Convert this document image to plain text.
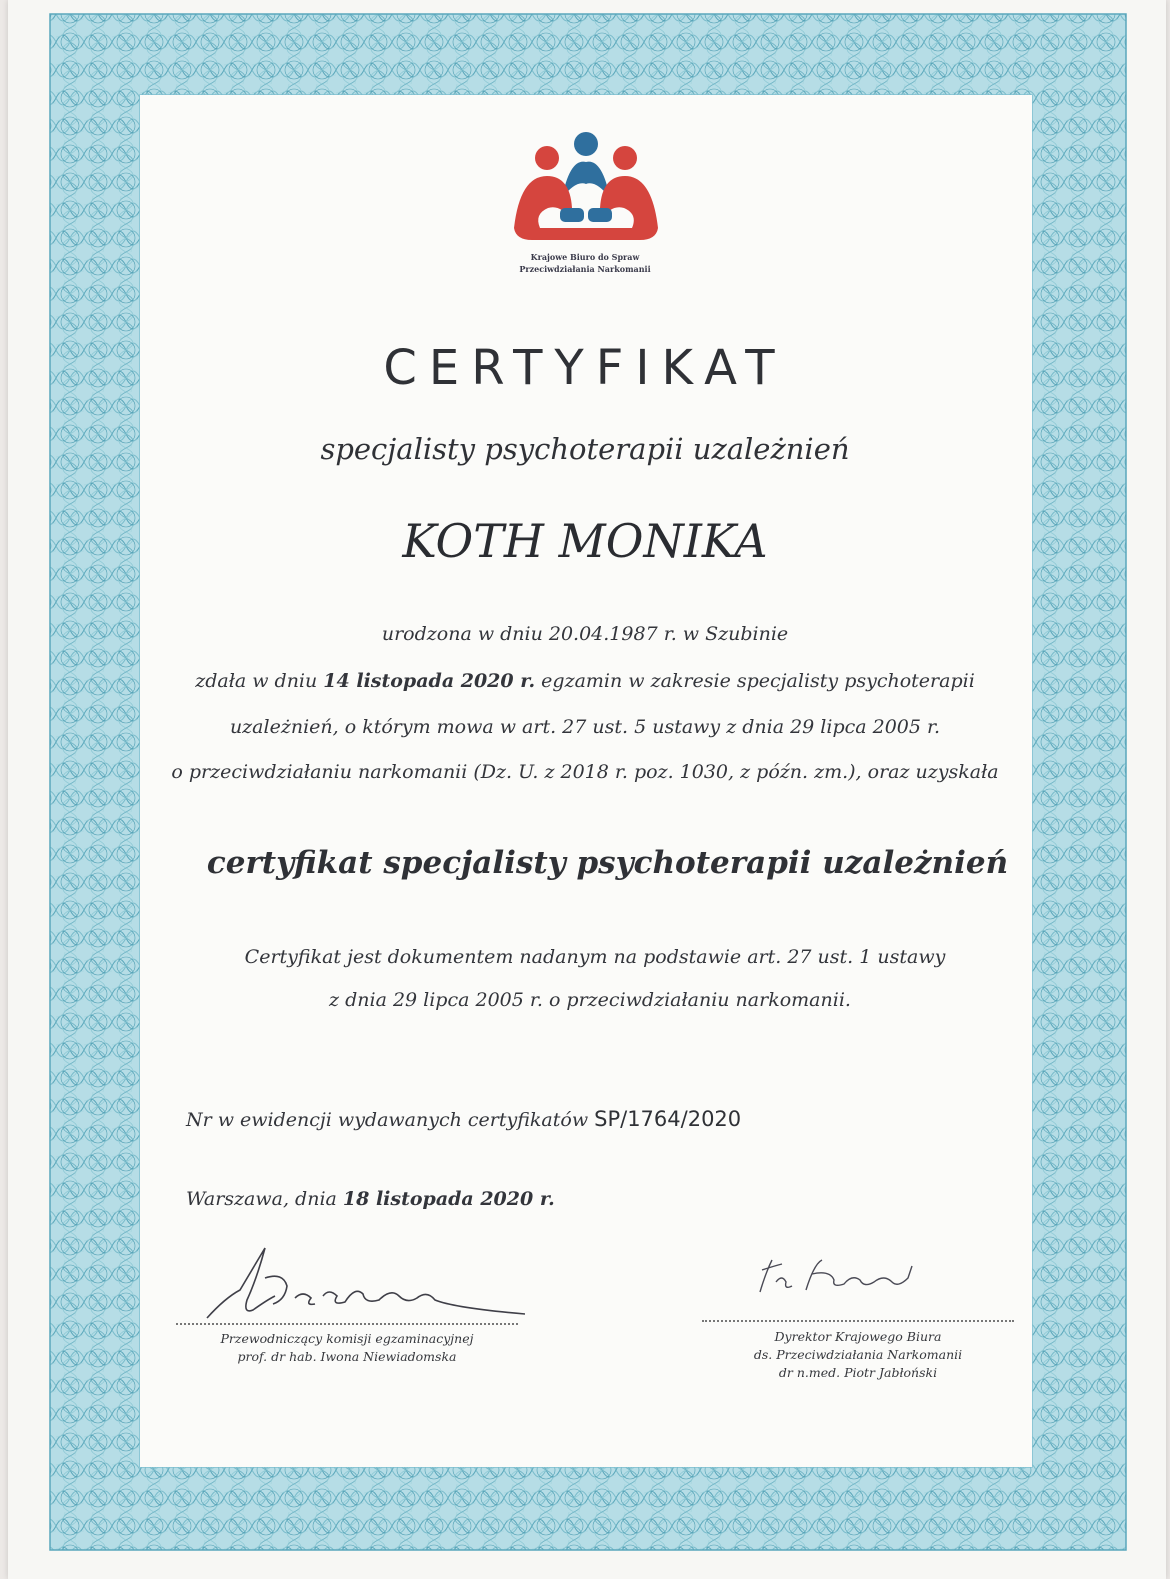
Krajowe Biuro do Spraw
Przeciwdziałania Narkomanii
CERTYFIKAT
specjalisty psychoterapii uzależnień
KOTH MONIKA
urodzona w dniu 20.04.1987 r. w Szubinie
zdała w dniu 14 listopada 2020 r. egzamin w zakresie specjalisty psychoterapii
uzależnień, o którym mowa w art. 27 ust. 5 ustawy z dnia 29 lipca 2005 r.
o przeciwdziałaniu narkomanii (Dz. U. z 2018 r. poz. 1030, z późn. zm.), oraz uzyskała
certyfikat specjalisty psychoterapii uzależnień
Certyfikat jest dokumentem nadanym na podstawie art. 27 ust. 1 ustawy
z dnia 29 lipca 2005 r. o przeciwdziałaniu narkomanii.
Nr w ewidencji wydawanych certyfikatów SP/1764/2020
Warszawa, dnia 18 listopada 2020 r.
Przewodniczący komisji egzaminacyjnej
prof. dr hab. Iwona Niewiadomska
Dyrektor Krajowego Biura
ds. Przeciwdziałania Narkomanii
dr n.med. Piotr Jabłoński
